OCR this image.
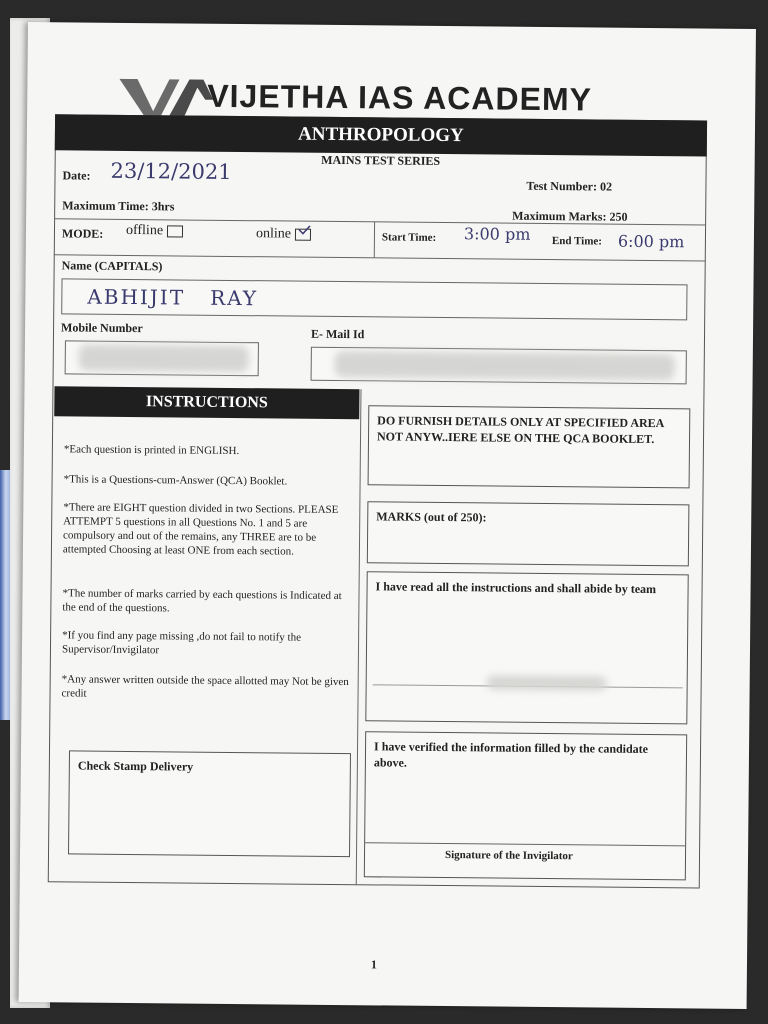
VIJETHA IAS ACADEMY
ANTHROPOLOGY
MAINS TEST SERIES
Date: 23/12/2021
Test Number: 02
Maximum Time: 3hrs
Maximum Marks: 250
MODE: offline	online	Start Time: 3:00 pm End Time: 6:00 pm
Name (CAPITALS)
ABHIJIT   RAY
Mobile Number	E- Mail Id
INSTRUCTIONS
*Each question is printed in ENGLISH.
*This is a Questions-cum-Answer (QCA) Booklet.
*There are EIGHT question divided in two Sections. PLEASE ATTEMPT 5 questions in all Questions No. 1 and 5 are compulsory and out of the remains, any THREE are to be attempted Choosing at least ONE from each section.
*The number of marks carried by each questions is Indicated at the end of the questions.
*If you find any page missing ,do not fail to notify the Supervisor/Invigilator
*Any answer written outside the space allotted may Not be given credit
Check Stamp Delivery
DO FURNISH DETAILS ONLY AT SPECIFIED AREA NOT ANYW..IERE ELSE ON THE QCA BOOKLET.
MARKS (out of 250):
I have read all the instructions and shall abide by team
I have verified the information filled by the candidate above.
Signature of the Invigilator
1
